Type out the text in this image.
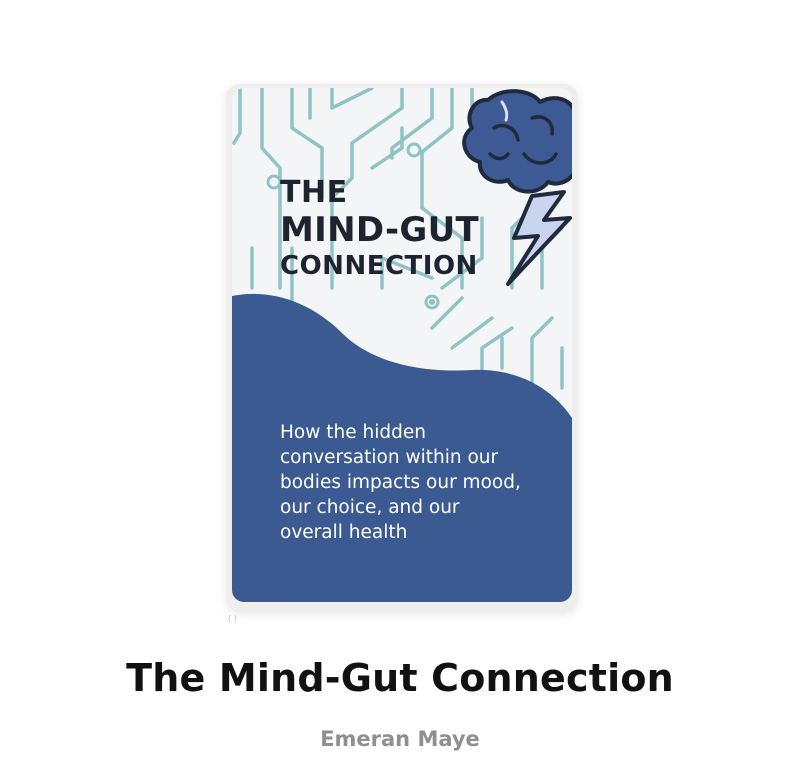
THE
MIND-GUT
CONNECTION
How the hidden
conversation within our
bodies impacts our mood,
our choice, and our
overall health
( )
The Mind-Gut Connection
Emeran Maye
